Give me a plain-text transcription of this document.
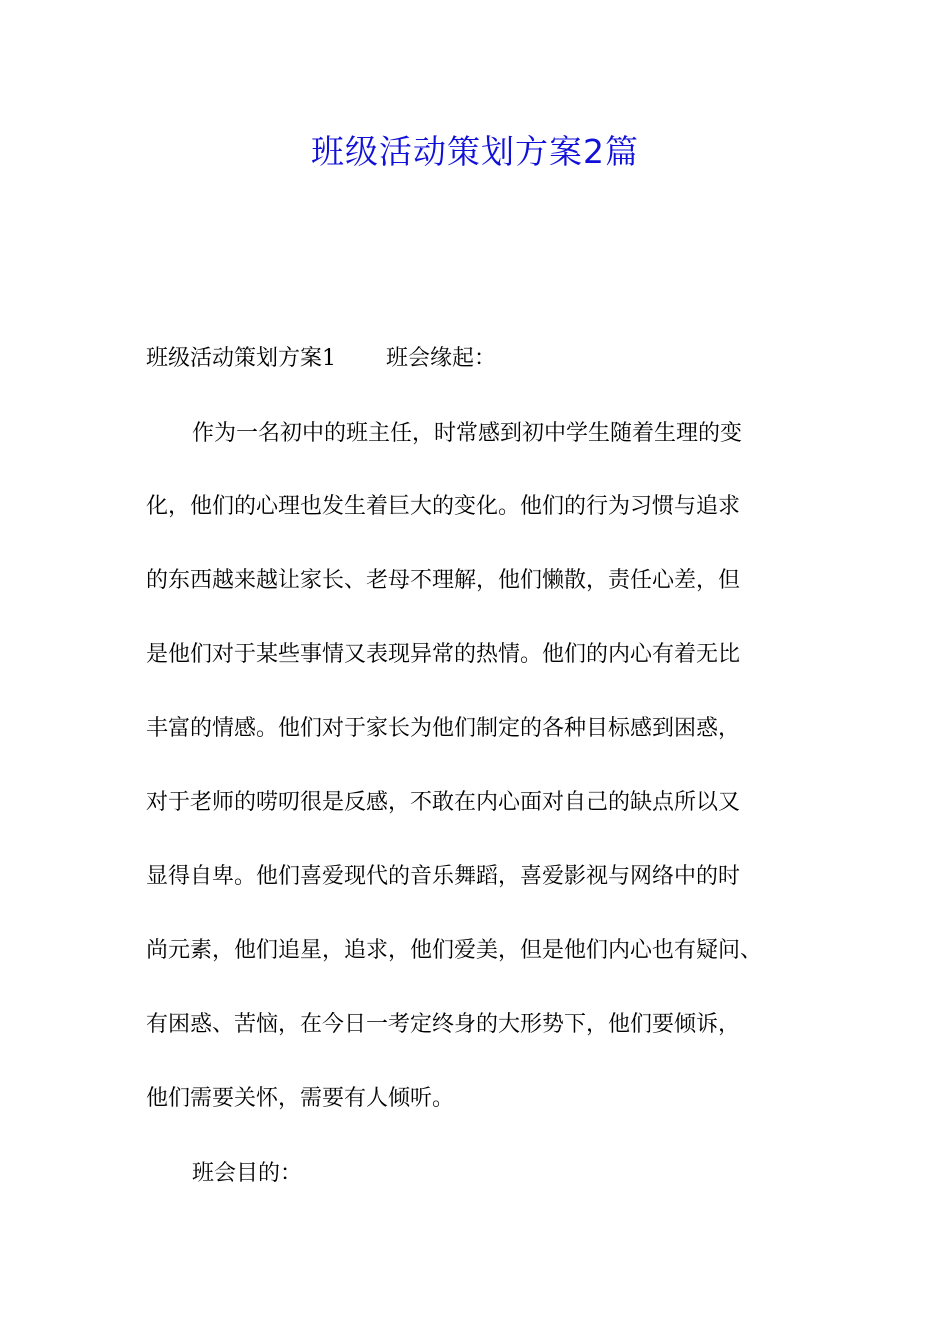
班级活动策划方案2篇
班级活动策划方案1 班会缘起：
作为一名初中的班主任，时常感到初中学生随着生理的变
化，他们的心理也发生着巨大的变化。他们的行为习惯与追求
的东西越来越让家长、老母不理解，他们懒散，责任心差，但
是他们对于某些事情又表现异常的热情。他们的内心有着无比
丰富的情感。他们对于家长为他们制定的各种目标感到困惑，
对于老师的唠叨很是反感，不敢在内心面对自己的缺点所以又
显得自卑。他们喜爱现代的音乐舞蹈，喜爱影视与网络中的时
尚元素，他们追星，追求，他们爱美，但是他们内心也有疑问、
有困惑、苦恼，在今日一考定终身的大形势下，他们要倾诉，
他们需要关怀，需要有人倾听。
班会目的：
